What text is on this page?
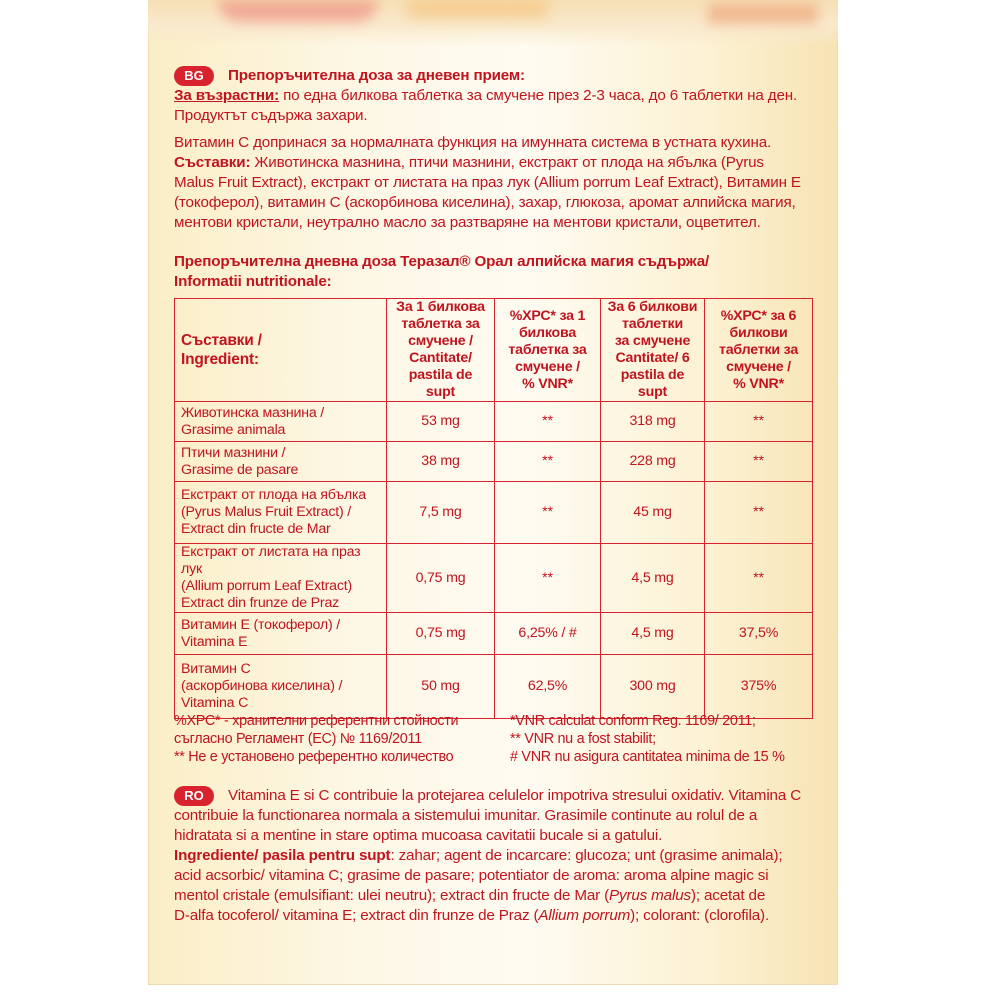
BG	Препоръчителна доза за дневен прием:
За възрастни: по една билкова таблетка за смучене през 2-3 часа, до 6 таблетки на ден.
Продуктът съдържа захари.
Витамин С допринася за нормалната функция на имунната система в устната кухина.
Съставки: Животинска мазнина, птичи мазнини, екстракт от плода на ябълка (Pyrus
Malus Fruit Extract), екстракт от листата на праз лук (Allium porrum Leaf Extract), Витамин Е
(токоферол), витамин С (аскорбинова киселина), захар, глюкоза, аромат алпийска магия,
ментови кристали, неутрално масло за разтваряне на ментови кристали, оцветител.
Препоръчителна дневна доза Теразал® Орал алпийска магия съдържа/
Informatii nutritionale:
Съставки /
Ingredient:	За 1 билкова
таблетка за
смучене /
Cantitate/
pastila de supt	%ХРС* за 1
билкова
таблетка за
смучене /
% VNR*	За 6 билкови
таблетки
за смучене
Cantitate/ 6
pastila de supt	%ХРС* за 6
билкови
таблетки за
смучене /
% VNR*
Животинска мазнина /
Grasime animala	53 mg	**	318 mg	**
Птичи мазнини /
Grasime de pasare	38 mg	**	228 mg	**
Екстракт от плода на ябълка
(Pyrus Malus Fruit Extract) /
Extract din fructe de Mar	7,5 mg	**	45 mg	**
Екстракт от листата на праз лук
(Allium porrum Leaf Extract)
Extract din frunze de Praz	0,75 mg	**	4,5 mg	**
Витамин Е (токоферол) /
Vitamina E	0,75 mg	6,25% / #	4,5 mg	37,5%
Витамин С
(аскорбинова киселина) /
Vitamina C	50 mg	62,5%	300 mg	375%
%ХРС* - хранителни референтни стойности
съгласно Регламент (ЕС) № 1169/2011
** Не е установено референтно количество
*VNR calculat conform Reg. 1169/ 2011;
** VNR nu a fost stabilit;
# VNR nu asigura cantitatea minima de 15 %
RO	Vitamina E si C contribuie la protejarea celulelor impotriva stresului oxidativ. Vitamina C
contribuie la functionarea normala a sistemului imunitar. Grasimile continute au rolul de a
hidratata si a mentine in stare optima mucoasa cavitatii bucale si a gatului.
Ingrediente/ pasila pentru supt: zahar; agent de incarcare: glucoza; unt (grasime animala);
acid acsorbic/ vitamina C; grasime de pasare; potentiator de aroma: aroma alpine magic si
mentol cristale (emulsifiant: ulei neutru); extract din fructe de Mar (Pyrus malus); acetat de
D-alfa tocoferol/ vitamina E; extract din frunze de Praz (Allium porrum); colorant: (clorofila).
